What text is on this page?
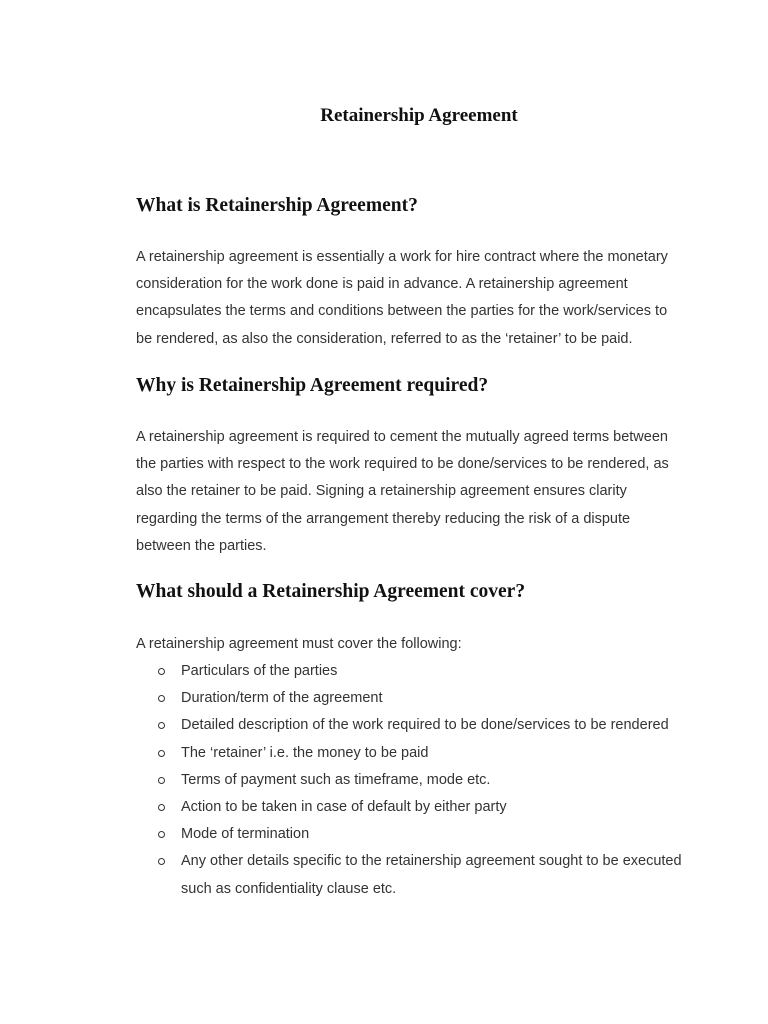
Retainership Agreement
What is Retainership Agreement?

A retainership agreement is essentially a work for hire contract where the monetary
consideration for the work done is paid in advance. A retainership agreement
encapsulates the terms and conditions between the parties for the work/services to
be rendered, as also the consideration, referred to as the ‘retainer’ to be paid.

Why is Retainership Agreement required?

A retainership agreement is required to cement the mutually agreed terms between
the parties with respect to the work required to be done/services to be rendered, as
also the retainer to be paid. Signing a retainership agreement ensures clarity
regarding the terms of the arrangement thereby reducing the risk of a dispute
between the parties.

What should a Retainership Agreement cover?

A retainership agreement must cover the following:

Particulars of the parties
Duration/term of the agreement
Detailed description of the work required to be done/services to be rendered
The ‘retainer’ i.e. the money to be paid
Terms of payment such as timeframe, mode etc.
Action to be taken in case of default by either party
Mode of termination
Any other details specific to the retainership agreement sought to be executed
such as confidentiality clause etc.
